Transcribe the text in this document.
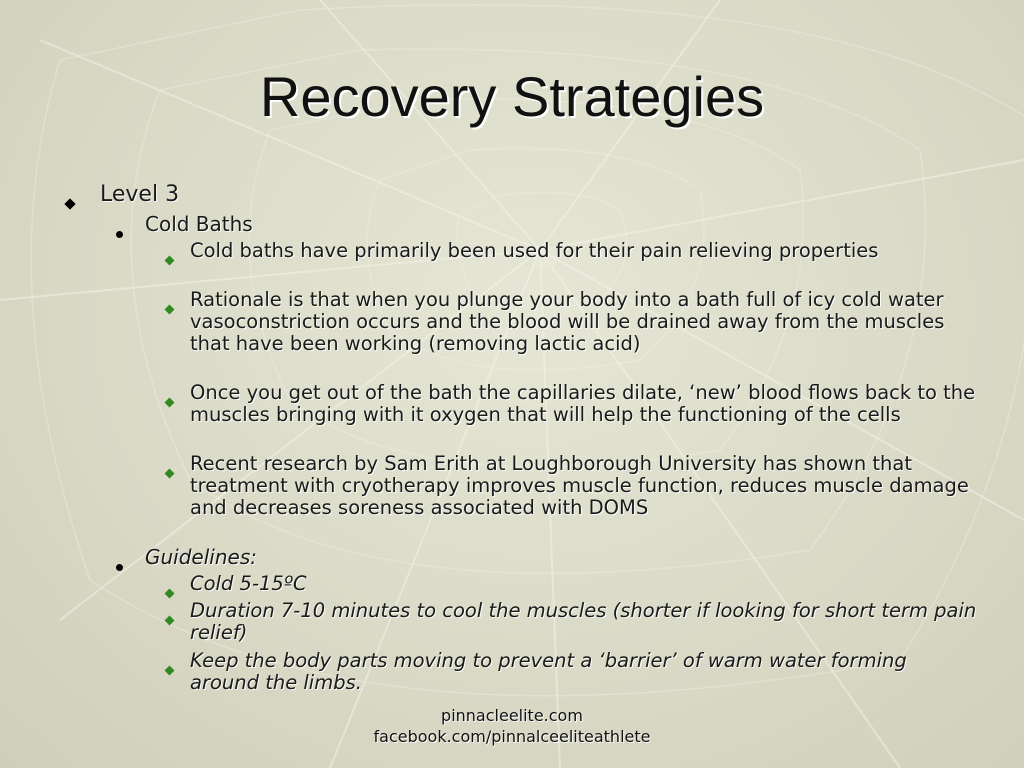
Recovery Strategies
Level 3
Cold Baths
Cold baths have primarily been used for their pain relieving properties
Rationale is that when you plunge your body into a bath full of icy cold water vasoconstriction occurs and the blood will be drained away from the muscles that have been working (removing lactic acid)
Once you get out of the bath the capillaries dilate, ‘new’ blood flows back to the muscles bringing with it oxygen that will help the functioning of the cells
Recent research by Sam Erith at Loughborough University has shown that treatment with cryotherapy improves muscle function, reduces muscle damage and decreases soreness associated with DOMS
Guidelines:
Cold 5-15ºC
Duration 7-10 minutes to cool the muscles (shorter if looking for short term pain relief)
Keep the body parts moving to prevent a ‘barrier’ of warm water forming around the limbs.
pinnacleelite.com
facebook.com/pinnalceeliteathlete
